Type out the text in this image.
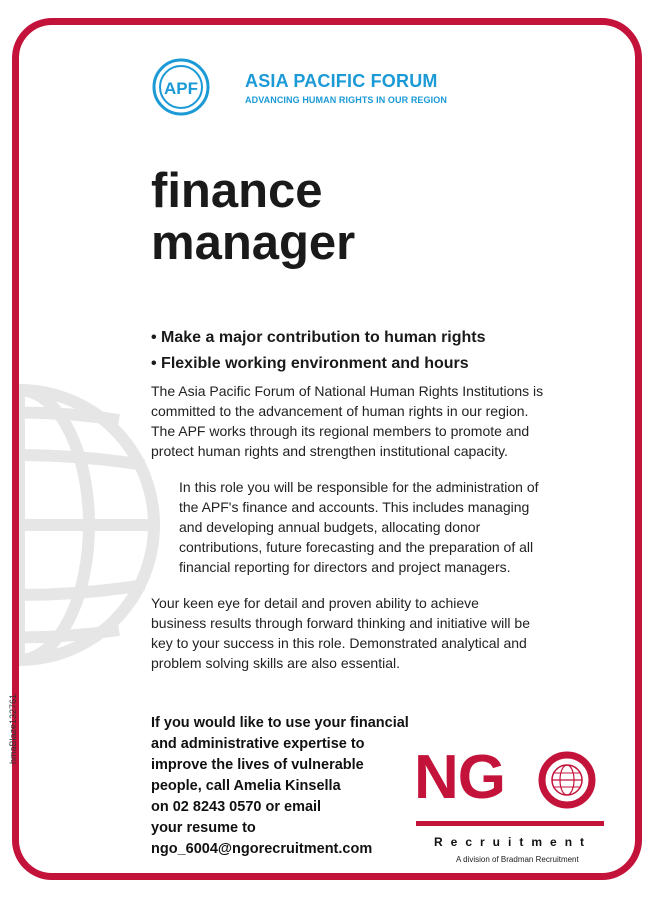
APF	ASIA PACIFIC FORUM
ADVANCING HUMAN RIGHTS IN OUR REGION
finance
manager
• Make a major contribution to human rights
• Flexible working environment and hours
The Asia Pacific Forum of National Human Rights Institutions is
committed to the advancement of human rights in our region.
The APF works through its regional members to promote and
protect human rights and strengthen institutional capacity.
In this role you will be responsible for the administration of
the APF's finance and accounts. This includes managing
and developing annual budgets, allocating donor
contributions, future forecasting and the preparation of all
financial reporting for directors and project managers.
Your keen eye for detail and proven ability to achieve
business results through forward thinking and initiative will be
key to your success in this role. Demonstrated analytical and
problem solving skills are also essential.
If you would like to use your financial
and administrative expertise to
improve the lives of vulnerable
people, call Amelia Kinsella
on 02 8243 0570 or email
your resume to
ngo_6004@ngorecruitment.com
NG
Recruitment
A division of Bradman Recruitment
hmaBlaze132761
